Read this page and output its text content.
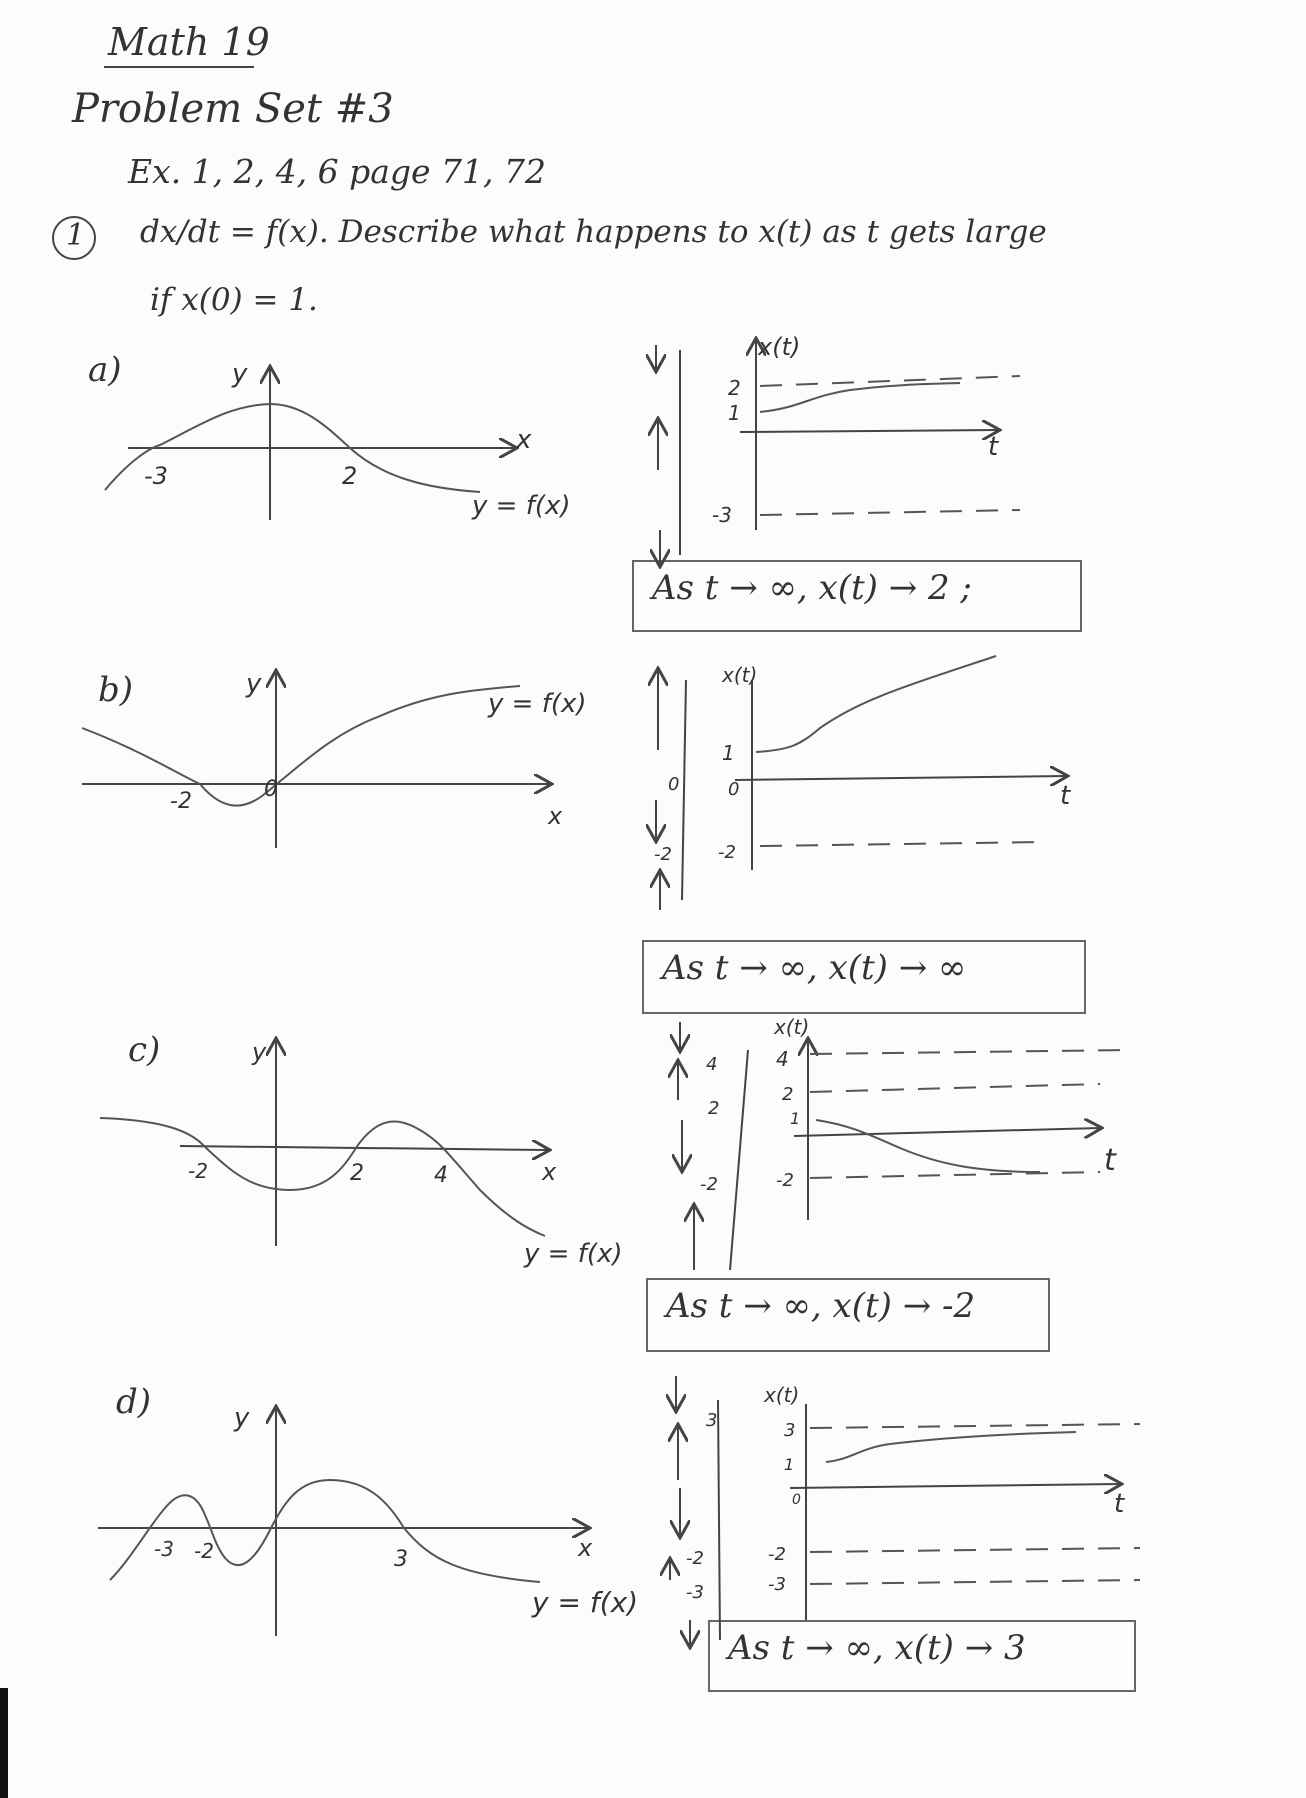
Math 19
Problem Set #3
Ex. 1, 2, 4, 6 page 71, 72
1 dx/dt = f(x). Describe what happens to x(t) as t gets large
if x(0) = 1.
a)
b)
c)
d)
As t → ∞, x(t) → 2 ;
As t → ∞, x(t) → ∞
As t → ∞, x(t) → -2
As t → ∞, x(t) → 3
x
y
-3	2
y = f(x)
x(t)
t
2
1
-3
x
y
-2	0
y = f(x)
0
-2
x(t)
t
1
0
-2
x
y
-2	2	4
y = f(x)
4
2
-2
x(t)
t
4
2
1
-2
x
y
-3 -2	3
y = f(x)
3
-2
-3
x(t)
t
3
1
0
-2
-3
